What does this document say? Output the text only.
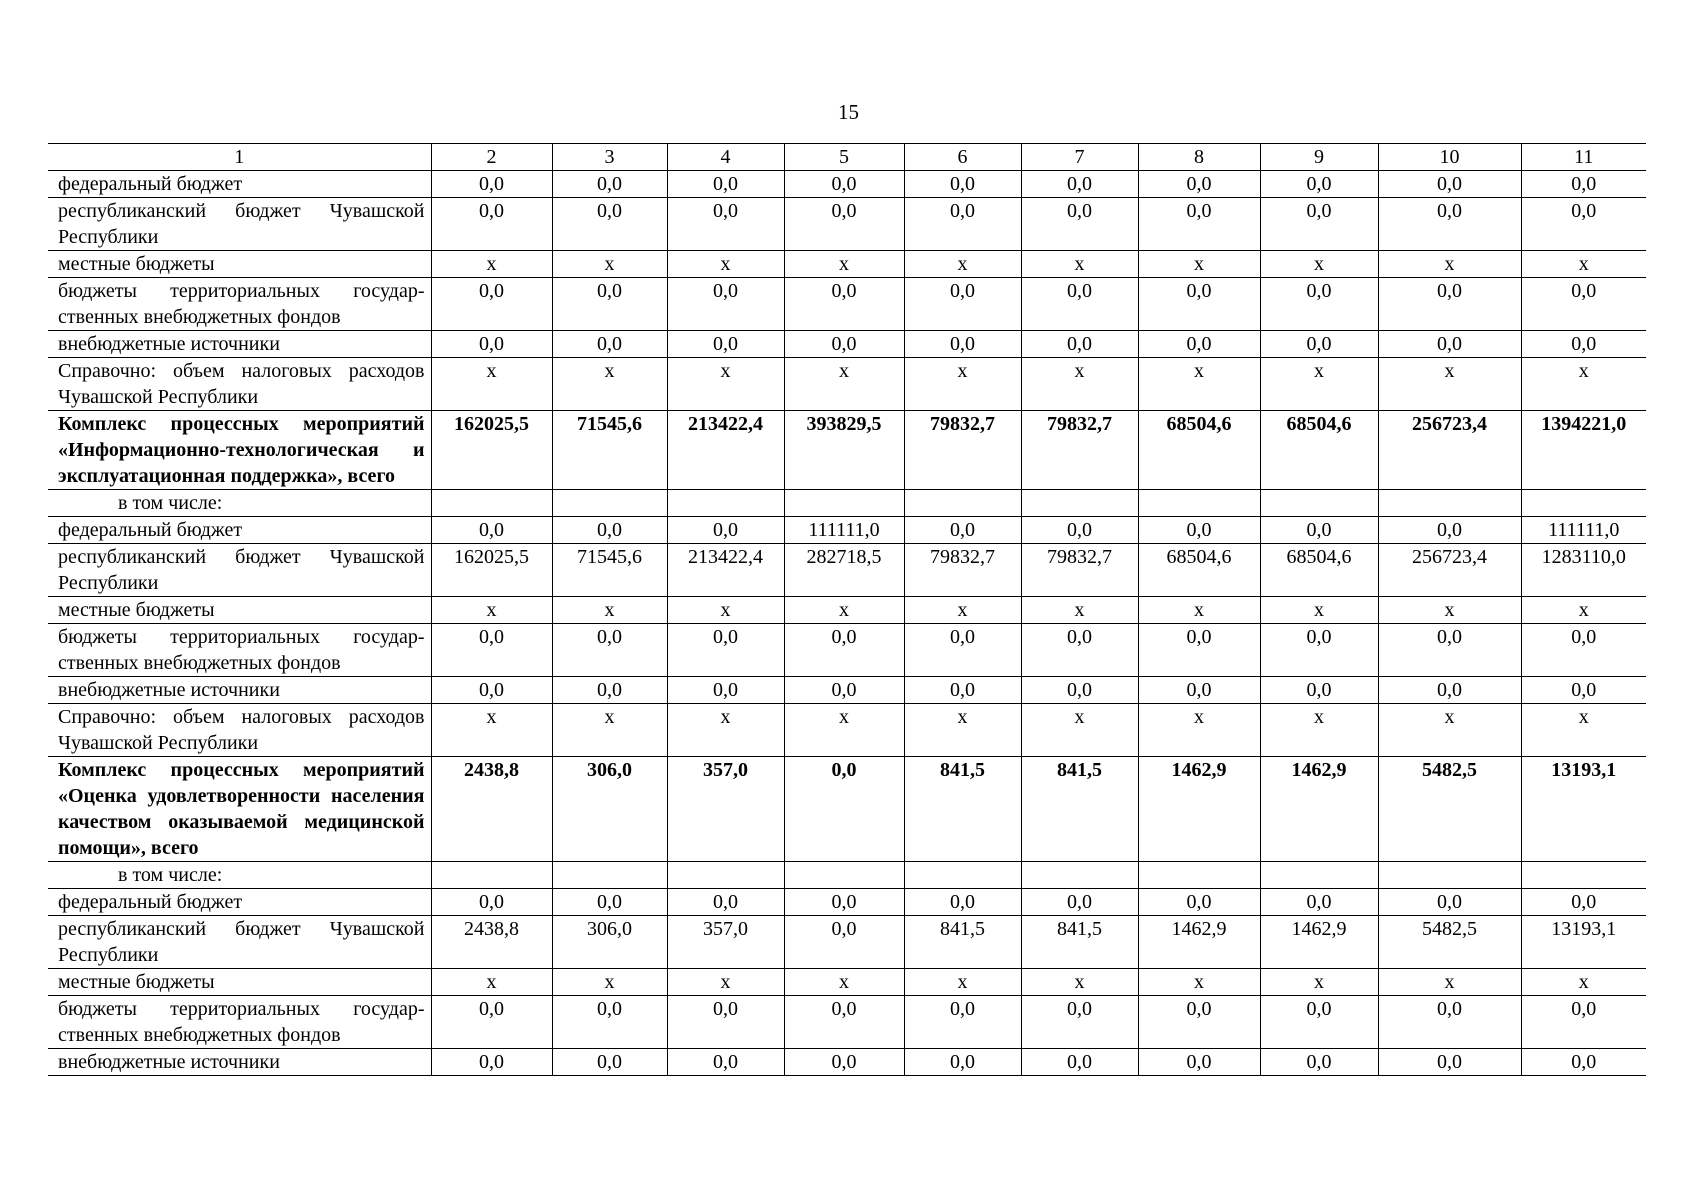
15
1	2	3	4	5	6	7	8	9	10	11
федеральный бюджет	0,0	0,0	0,0	0,0	0,0	0,0	0,0	0,0	0,0	0,0
республиканский бюджет Чувашской Республики	0,0	0,0	0,0	0,0	0,0	0,0	0,0	0,0	0,0	0,0
местные бюджеты	x	x	x	x	x	x	x	x	x	x
бюджеты территориальных государственных внебюджетных фондов	0,0	0,0	0,0	0,0	0,0	0,0	0,0	0,0	0,0	0,0
внебюджетные источники	0,0	0,0	0,0	0,0	0,0	0,0	0,0	0,0	0,0	0,0
Справочно: объем налоговых расходов Чувашской Республики	x	x	x	x	x	x	x	x	x	x
Комплекс процессных мероприятий «Информационно-технологическая и эксплуатационная поддержка», всего	162025,5	71545,6	213422,4	393829,5	79832,7	79832,7	68504,6	68504,6	256723,4	1394221,0
в том числе:										
федеральный бюджет	0,0	0,0	0,0	111111,0	0,0	0,0	0,0	0,0	0,0	111111,0
республиканский бюджет Чувашской Республики	162025,5	71545,6	213422,4	282718,5	79832,7	79832,7	68504,6	68504,6	256723,4	1283110,0
местные бюджеты	x	x	x	x	x	x	x	x	x	x
бюджеты территориальных государственных внебюджетных фондов	0,0	0,0	0,0	0,0	0,0	0,0	0,0	0,0	0,0	0,0
внебюджетные источники	0,0	0,0	0,0	0,0	0,0	0,0	0,0	0,0	0,0	0,0
Справочно: объем налоговых расходов Чувашской Республики	x	x	x	x	x	x	x	x	x	x
Комплекс процессных мероприятий «Оценка удовлетворенности населения качеством оказываемой медицинской помощи», всего	2438,8	306,0	357,0	0,0	841,5	841,5	1462,9	1462,9	5482,5	13193,1
в том числе:										
федеральный бюджет	0,0	0,0	0,0	0,0	0,0	0,0	0,0	0,0	0,0	0,0
республиканский бюджет Чувашской Республики	2438,8	306,0	357,0	0,0	841,5	841,5	1462,9	1462,9	5482,5	13193,1
местные бюджеты	x	x	x	x	x	x	x	x	x	x
бюджеты территориальных государственных внебюджетных фондов	0,0	0,0	0,0	0,0	0,0	0,0	0,0	0,0	0,0	0,0
внебюджетные источники	0,0	0,0	0,0	0,0	0,0	0,0	0,0	0,0	0,0	0,0
